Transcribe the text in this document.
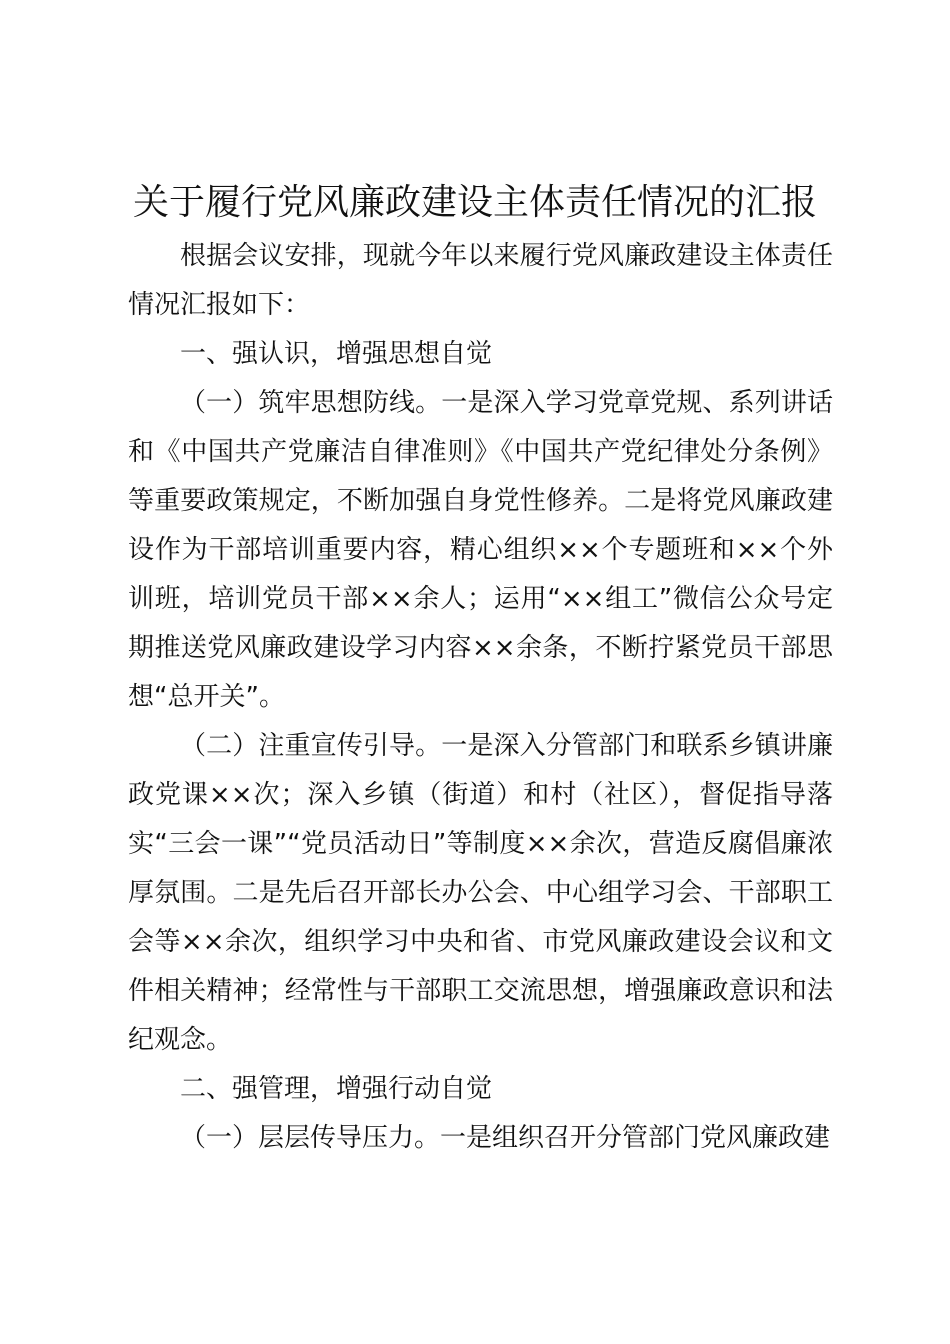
关于履行党风廉政建设主体责任情况的汇报

根据会议安排，现就今年以来履行党风廉政建设主体责任情况汇报如下：

一、强认识，增强思想自觉

（一）筑牢思想防线。一是深入学习党章党规、系列讲话和《中国共产党廉洁自律准则》《中国共产党纪律处分条例》等重要政策规定，不断加强自身党性修养。二是将党风廉政建设作为干部培训重要内容，精心组织××个专题班和××个外训班，培训党员干部××余人；运用“××组工”微信公众号定期推送党风廉政建设学习内容××余条，不断拧紧党员干部思想“总开关”。

（二）注重宣传引导。一是深入分管部门和联系乡镇讲廉政党课××次；深入乡镇（街道）和村（社区），督促指导落实“三会一课”“党员活动日”等制度××余次，营造反腐倡廉浓厚氛围。二是先后召开部长办公会、中心组学习会、干部职工会等××余次，组织学习中央和省、市党风廉政建设会议和文件相关精神；经常性与干部职工交流思想，增强廉政意识和法纪观念。

二、强管理，增强行动自觉

（一）层层传导压力。一是组织召开分管部门党风廉政建
